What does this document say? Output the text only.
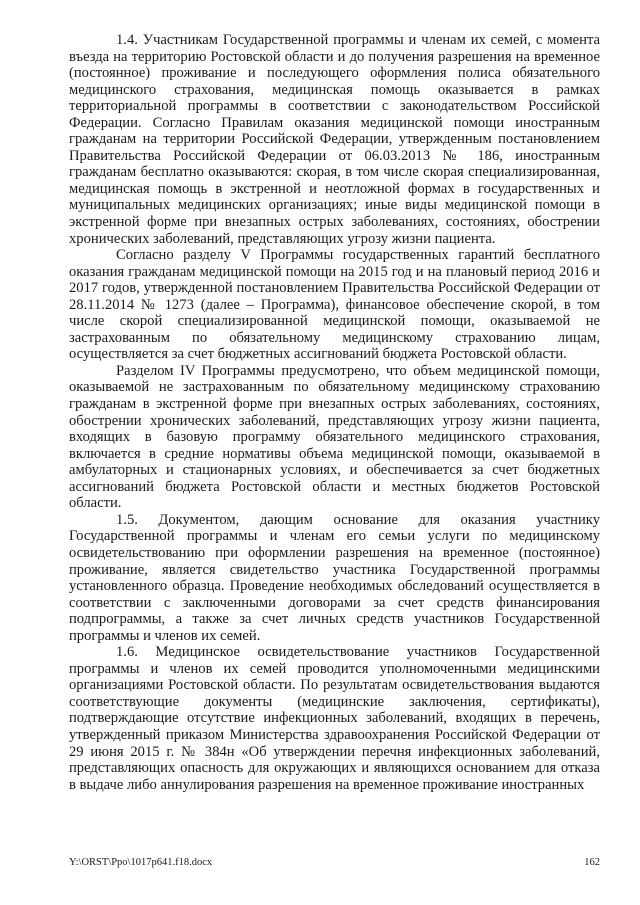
1.4. Участникам Государственной программы и членам их семей, с момента въезда на территорию Ростовской области и до получения разрешения на временное (постоянное) проживание и последующего оформления полиса обязательного медицинского страхования, медицинская помощь оказывается в рамках территориальной программы в соответствии с законодательством Российской Федерации. Согласно Правилам оказания медицинской помощи иностранным гражданам на территории Российской Федерации, утвержденным постановлением Правительства Российской Федерации от 06.03.2013 № 186, иностранным гражданам бесплатно оказываются: скорая, в том числе скорая специализированная, медицинская помощь в экстренной и неотложной формах в государственных и муниципальных медицинских организациях; иные виды медицинской помощи в экстренной форме при внезапных острых заболеваниях, состояниях, обострении хронических заболеваний, представляющих угрозу жизни пациента.

Согласно разделу V Программы государственных гарантий бесплатного оказания гражданам медицинской помощи на 2015 год и на плановый период 2016 и 2017 годов, утвержденной постановлением Правительства Российской Федерации от 28.11.2014 № 1273 (далее – Программа), финансовое обеспечение скорой, в том числе скорой специализированной медицинской помощи, оказываемой не застрахованным по обязательному медицинскому страхованию лицам, осуществляется за счет бюджетных ассигнований бюджета Ростовской области.

Разделом IV Программы предусмотрено, что объем медицинской помощи, оказываемой не застрахованным по обязательному медицинскому страхованию гражданам в экстренной форме при внезапных острых заболеваниях, состояниях, обострении хронических заболеваний, представляющих угрозу жизни пациента, входящих в базовую программу обязательного медицинского страхования, включается в средние нормативы объема медицинской помощи, оказываемой в амбулаторных и стационарных условиях, и обеспечивается за счет бюджетных ассигнований бюджета Ростовской области и местных бюджетов Ростовской области.

1.5. Документом, дающим основание для оказания участнику Государственной программы и членам его семьи услуги по медицинскому освидетельствованию при оформлении разрешения на временное (постоянное) проживание, является свидетельство участника Государственной программы установленного образца. Проведение необходимых обследований осуществляется в соответствии с заключенными договорами за счет средств финансирования подпрограммы, а также за счет личных средств участников Государственной программы и членов их семей.

1.6. Медицинское освидетельствование участников Государственной программы и членов их семей проводится уполномоченными медицинскими организациями Ростовской области. По результатам освидетельствования выдаются соответствующие документы (медицинские заключения, сертификаты), подтверждающие отсутствие инфекционных заболеваний, входящих в перечень, утвержденный приказом Министерства здравоохранения Российской Федерации от 29 июня 2015 г. № 384н «Об утверждении перечня инфекционных заболеваний, представляющих опасность для окружающих и являющихся основанием для отказа в выдаче либо аннулирования разрешения на временное проживание иностранных

Y:\ORST\Ppo\1017p641.f18.docx	162
